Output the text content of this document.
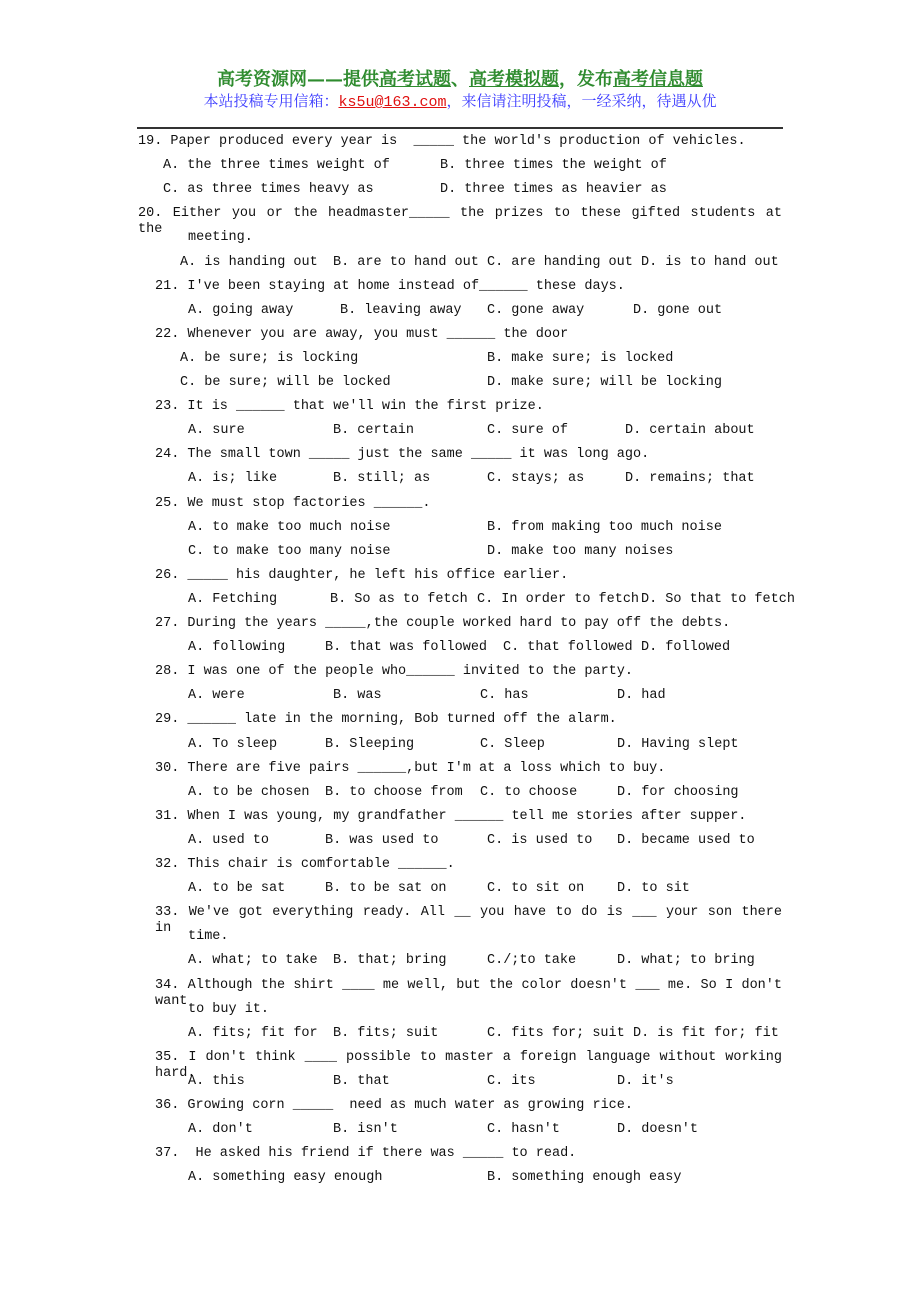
高考资源网——提供高考试题、高考模拟题，发布高考信息题
本站投稿专用信箱：ks5u@163.com，来信请注明投稿，一经采纳，待遇从优
19. Paper produced every year is  _____ the world's production of vehicles.
A. the three times weight of	B. three times the weight of
C. as three times heavy as	D. three times as heavier as
20. Either you or the headmaster_____ the prizes to these gifted students at the
meeting.
A. is handing out B. are to hand out C. are handing out D. is to hand out
21. I've been staying at home instead of______ these days.
A. going away	B. leaving away C. gone away	D. gone out
22. Whenever you are away, you must ______ the door
A. be sure; is locking	B. make sure; is locked
C. be sure; will be locked	D. make sure; will be locking
23. It is ______ that we'll win the first prize.
A. sure	B. certain	C. sure of	D. certain about
24. The small town _____ just the same _____ it was long ago.
A. is; like	B. still; as	C. stays; as	D. remains; that
25. We must stop factories ______.
A. to make too much noise	B. from making too much noise
C. to make too many noise	D. make too many noises
26. _____ his daughter, he left his office earlier.
A. Fetching	B. So as to fetch C. In order to fetch D. So that to fetch
27. During the years _____,the couple worked hard to pay off the debts.
A. following	B. that was followed C. that followed D. followed
28. I was one of the people who______ invited to the party.
A. were	B. was	C. has	D. had
29. ______ late in the morning, Bob turned off the alarm.
A. To sleep	B. Sleeping	C. Sleep	D. Having slept
30. There are five pairs ______,but I'm at a loss which to buy.
A. to be chosen B. to choose from C. to choose	D. for choosing
31. When I was young, my grandfather ______ tell me stories after supper.
A. used to	B. was used to	C. is used to D. became used to
32. This chair is comfortable ______.
A. to be sat	B. to be sat on	C. to sit on D. to sit
33. We've got everything ready. All __ you have to do is ___ your son there in
time.
A. what; to take B. that; bring	C./;to take	D. what; to bring
34. Although the shirt ____ me well, but the color doesn't ___ me. So I don't want
to buy it.
A. fits; fit for B. fits; suit	C. fits for; suit D. is fit for; fit
35. I don't think ____ possible to master a foreign language without working hard.
A. this	B. that	C. its	D. it's
36. Growing corn _____  need as much water as growing rice.
A. don't	B. isn't	C. hasn't	D. doesn't
37.  He asked his friend if there was _____ to read.
A. something easy enough	B. something enough easy
